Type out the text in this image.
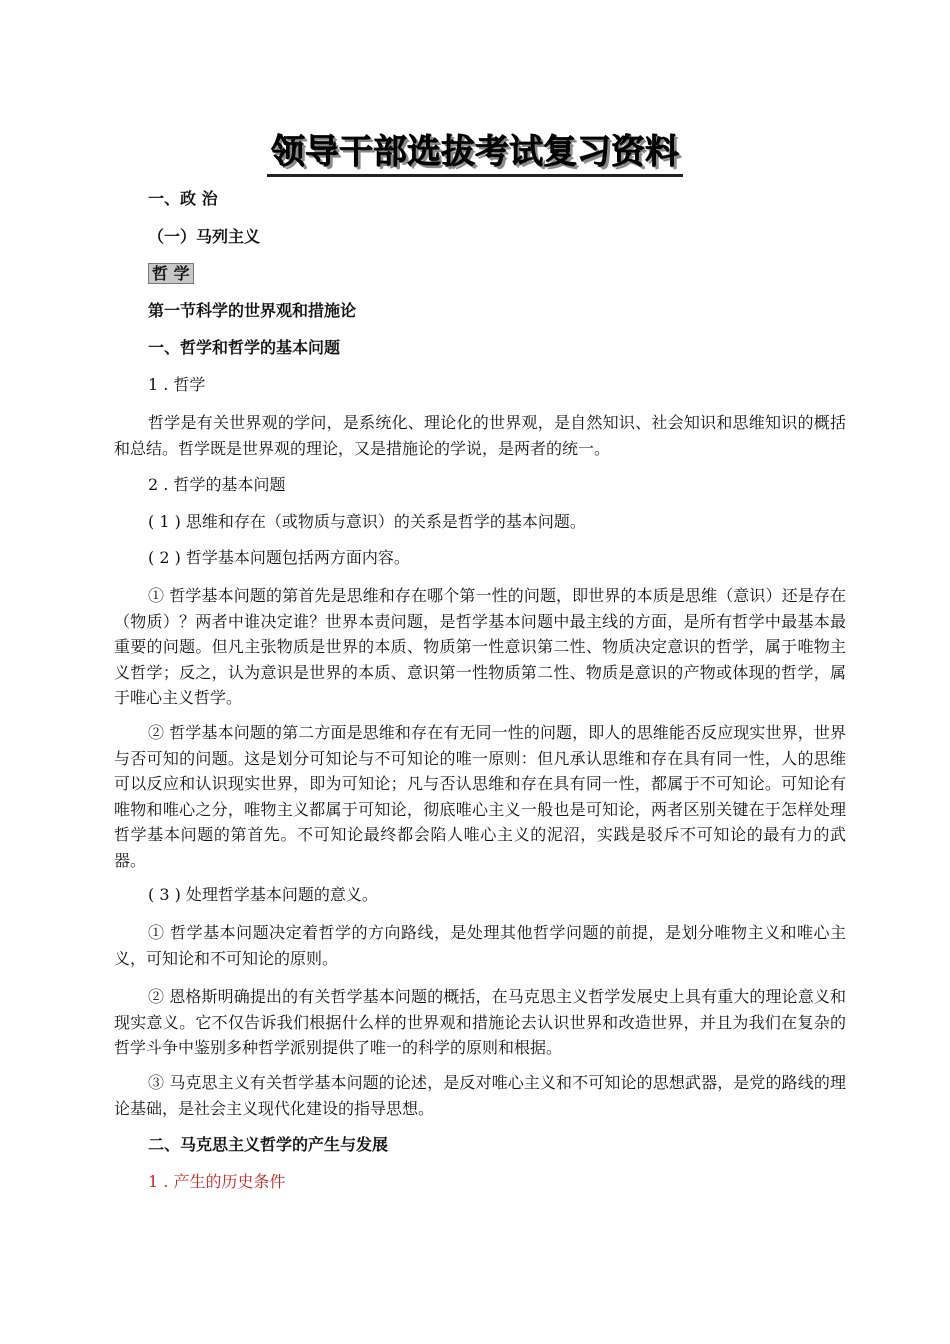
领导干部选拔考试复习资料
一、政 治
（一）马列主义
哲 学
第一节科学的世界观和措施论
一、哲学和哲学的基本问题
1 . 哲学
哲学是有关世界观的学问，是系统化、理论化的世界观，是自然知识、社会知识和思维知识的概括和总结。哲学既是世界观的理论，又是措施论的学说，是两者的统一。
2 . 哲学的基本问题
( 1 ) 思维和存在（或物质与意识）的关系是哲学的基本问题。
( 2 ) 哲学基本问题包括两方面内容。
① 哲学基本问题的第首先是思维和存在哪个第一性的问题，即世界的本质是思维（意识）还是存在（物质）？两者中谁决定谁？世界本责问题，是哲学基本问题中最主线的方面，是所有哲学中最基本最重要的问题。但凡主张物质是世界的本质、物质第一性意识第二性、物质决定意识的哲学，属于唯物主义哲学；反之，认为意识是世界的本质、意识第一性物质第二性、物质是意识的产物或体现的哲学，属于唯心主义哲学。
② 哲学基本问题的第二方面是思维和存在有无同一性的问题，即人的思维能否反应现实世界，世界与否可知的问题。这是划分可知论与不可知论的唯一原则：但凡承认思维和存在具有同一性，人的思维可以反应和认识现实世界，即为可知论；凡与否认思维和存在具有同一性，都属于不可知论。可知论有唯物和唯心之分，唯物主义都属于可知论，彻底唯心主义一般也是可知论，两者区别关键在于怎样处理哲学基本问题的第首先。不可知论最终都会陷人唯心主义的泥沼，实践是驳斥不可知论的最有力的武器。
( 3 ) 处理哲学基本问题的意义。
① 哲学基本问题决定着哲学的方向路线，是处理其他哲学问题的前提，是划分唯物主义和唯心主义，可知论和不可知论的原则。
② 恩格斯明确提出的有关哲学基本问题的概括，在马克思主义哲学发展史上具有重大的理论意义和现实意义。它不仅告诉我们根据什么样的世界观和措施论去认识世界和改造世界，并且为我们在复杂的哲学斗争中鉴别多种哲学派别提供了唯一的科学的原则和根据。
③ 马克思主义有关哲学基本问题的论述，是反对唯心主义和不可知论的思想武器，是党的路线的理论基础，是社会主义现代化建设的指导思想。
二、马克思主义哲学的产生与发展
1 . 产生的历史条件
